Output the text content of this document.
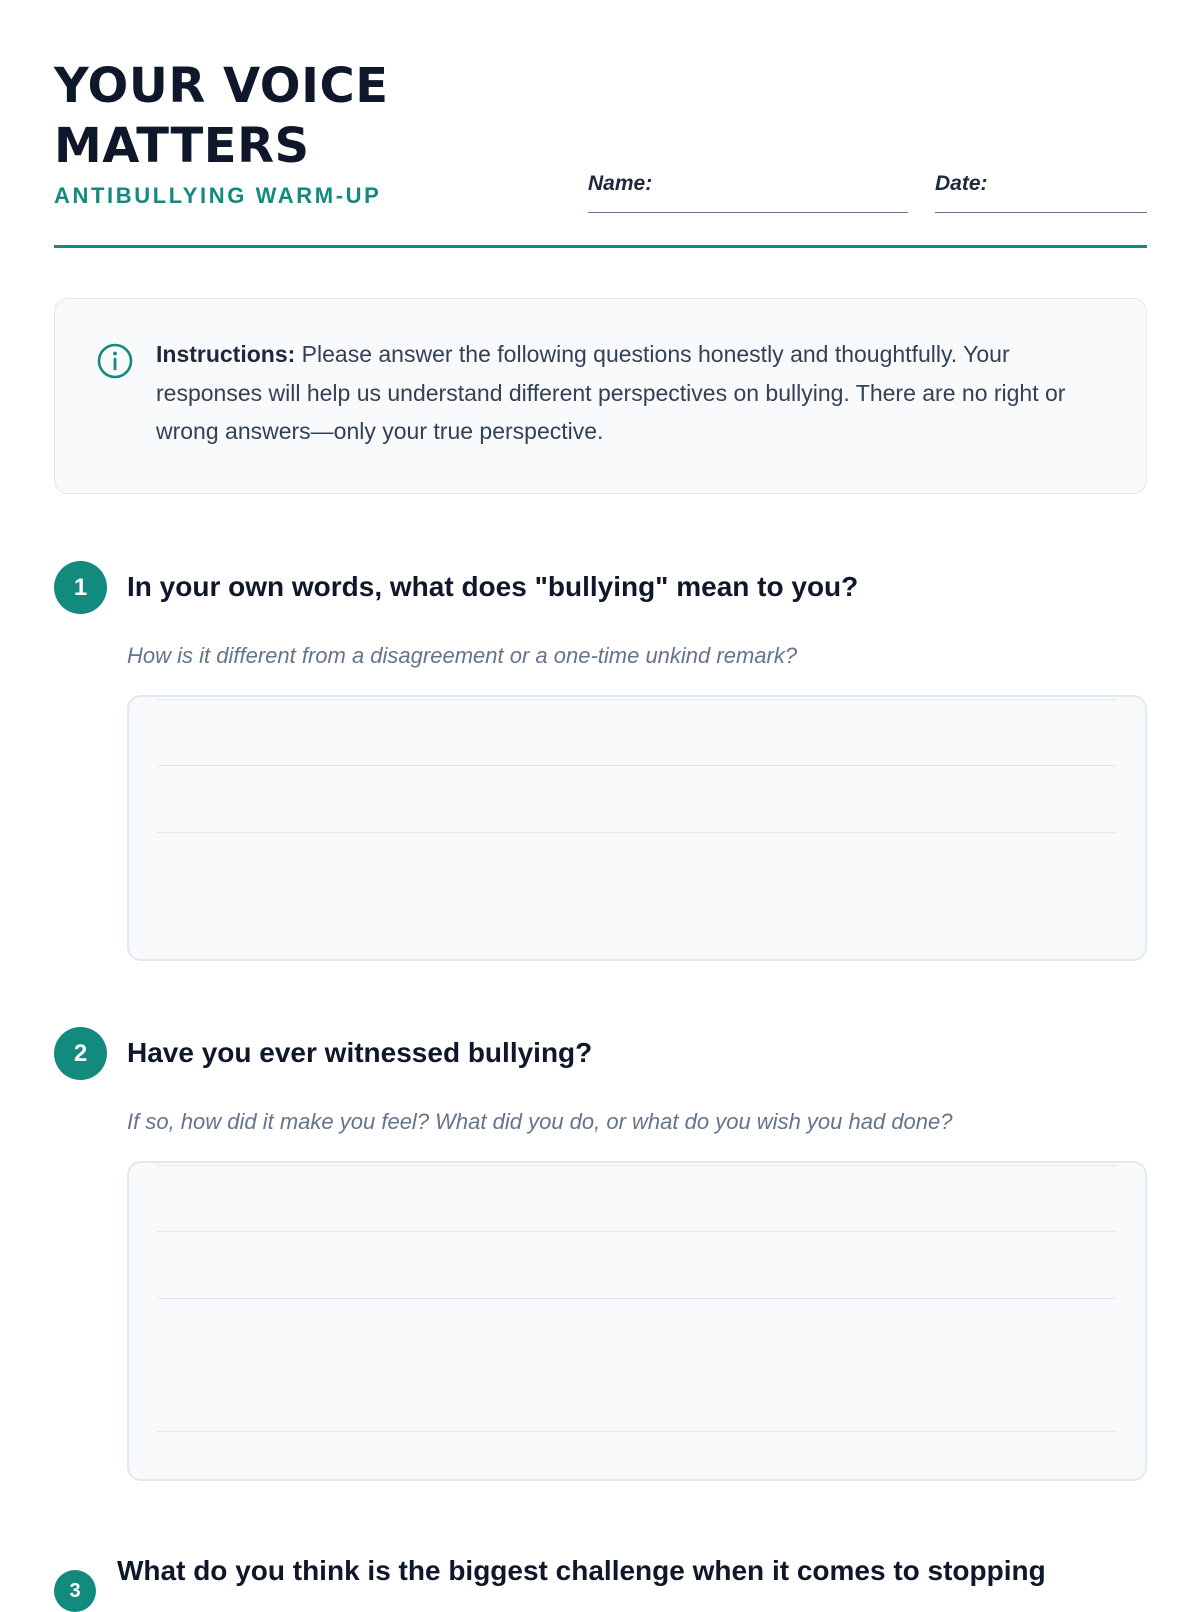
YOUR VOICE MATTERS
ANTIBULLYING WARM-UP	Name:	Date:
Instructions: Please answer the following questions honestly and thoughtfully. Your responses will help us understand different perspectives on bullying. There are no right or wrong answers—only your true perspective.
1	In your own words, what does "bullying" mean to you?
How is it different from a disagreement or a one-time unkind remark?
2	Have you ever witnessed bullying?
If so, how did it make you feel? What did you do, or what do you wish you had done?
3
What do you think is the biggest challenge when it comes to stopping
